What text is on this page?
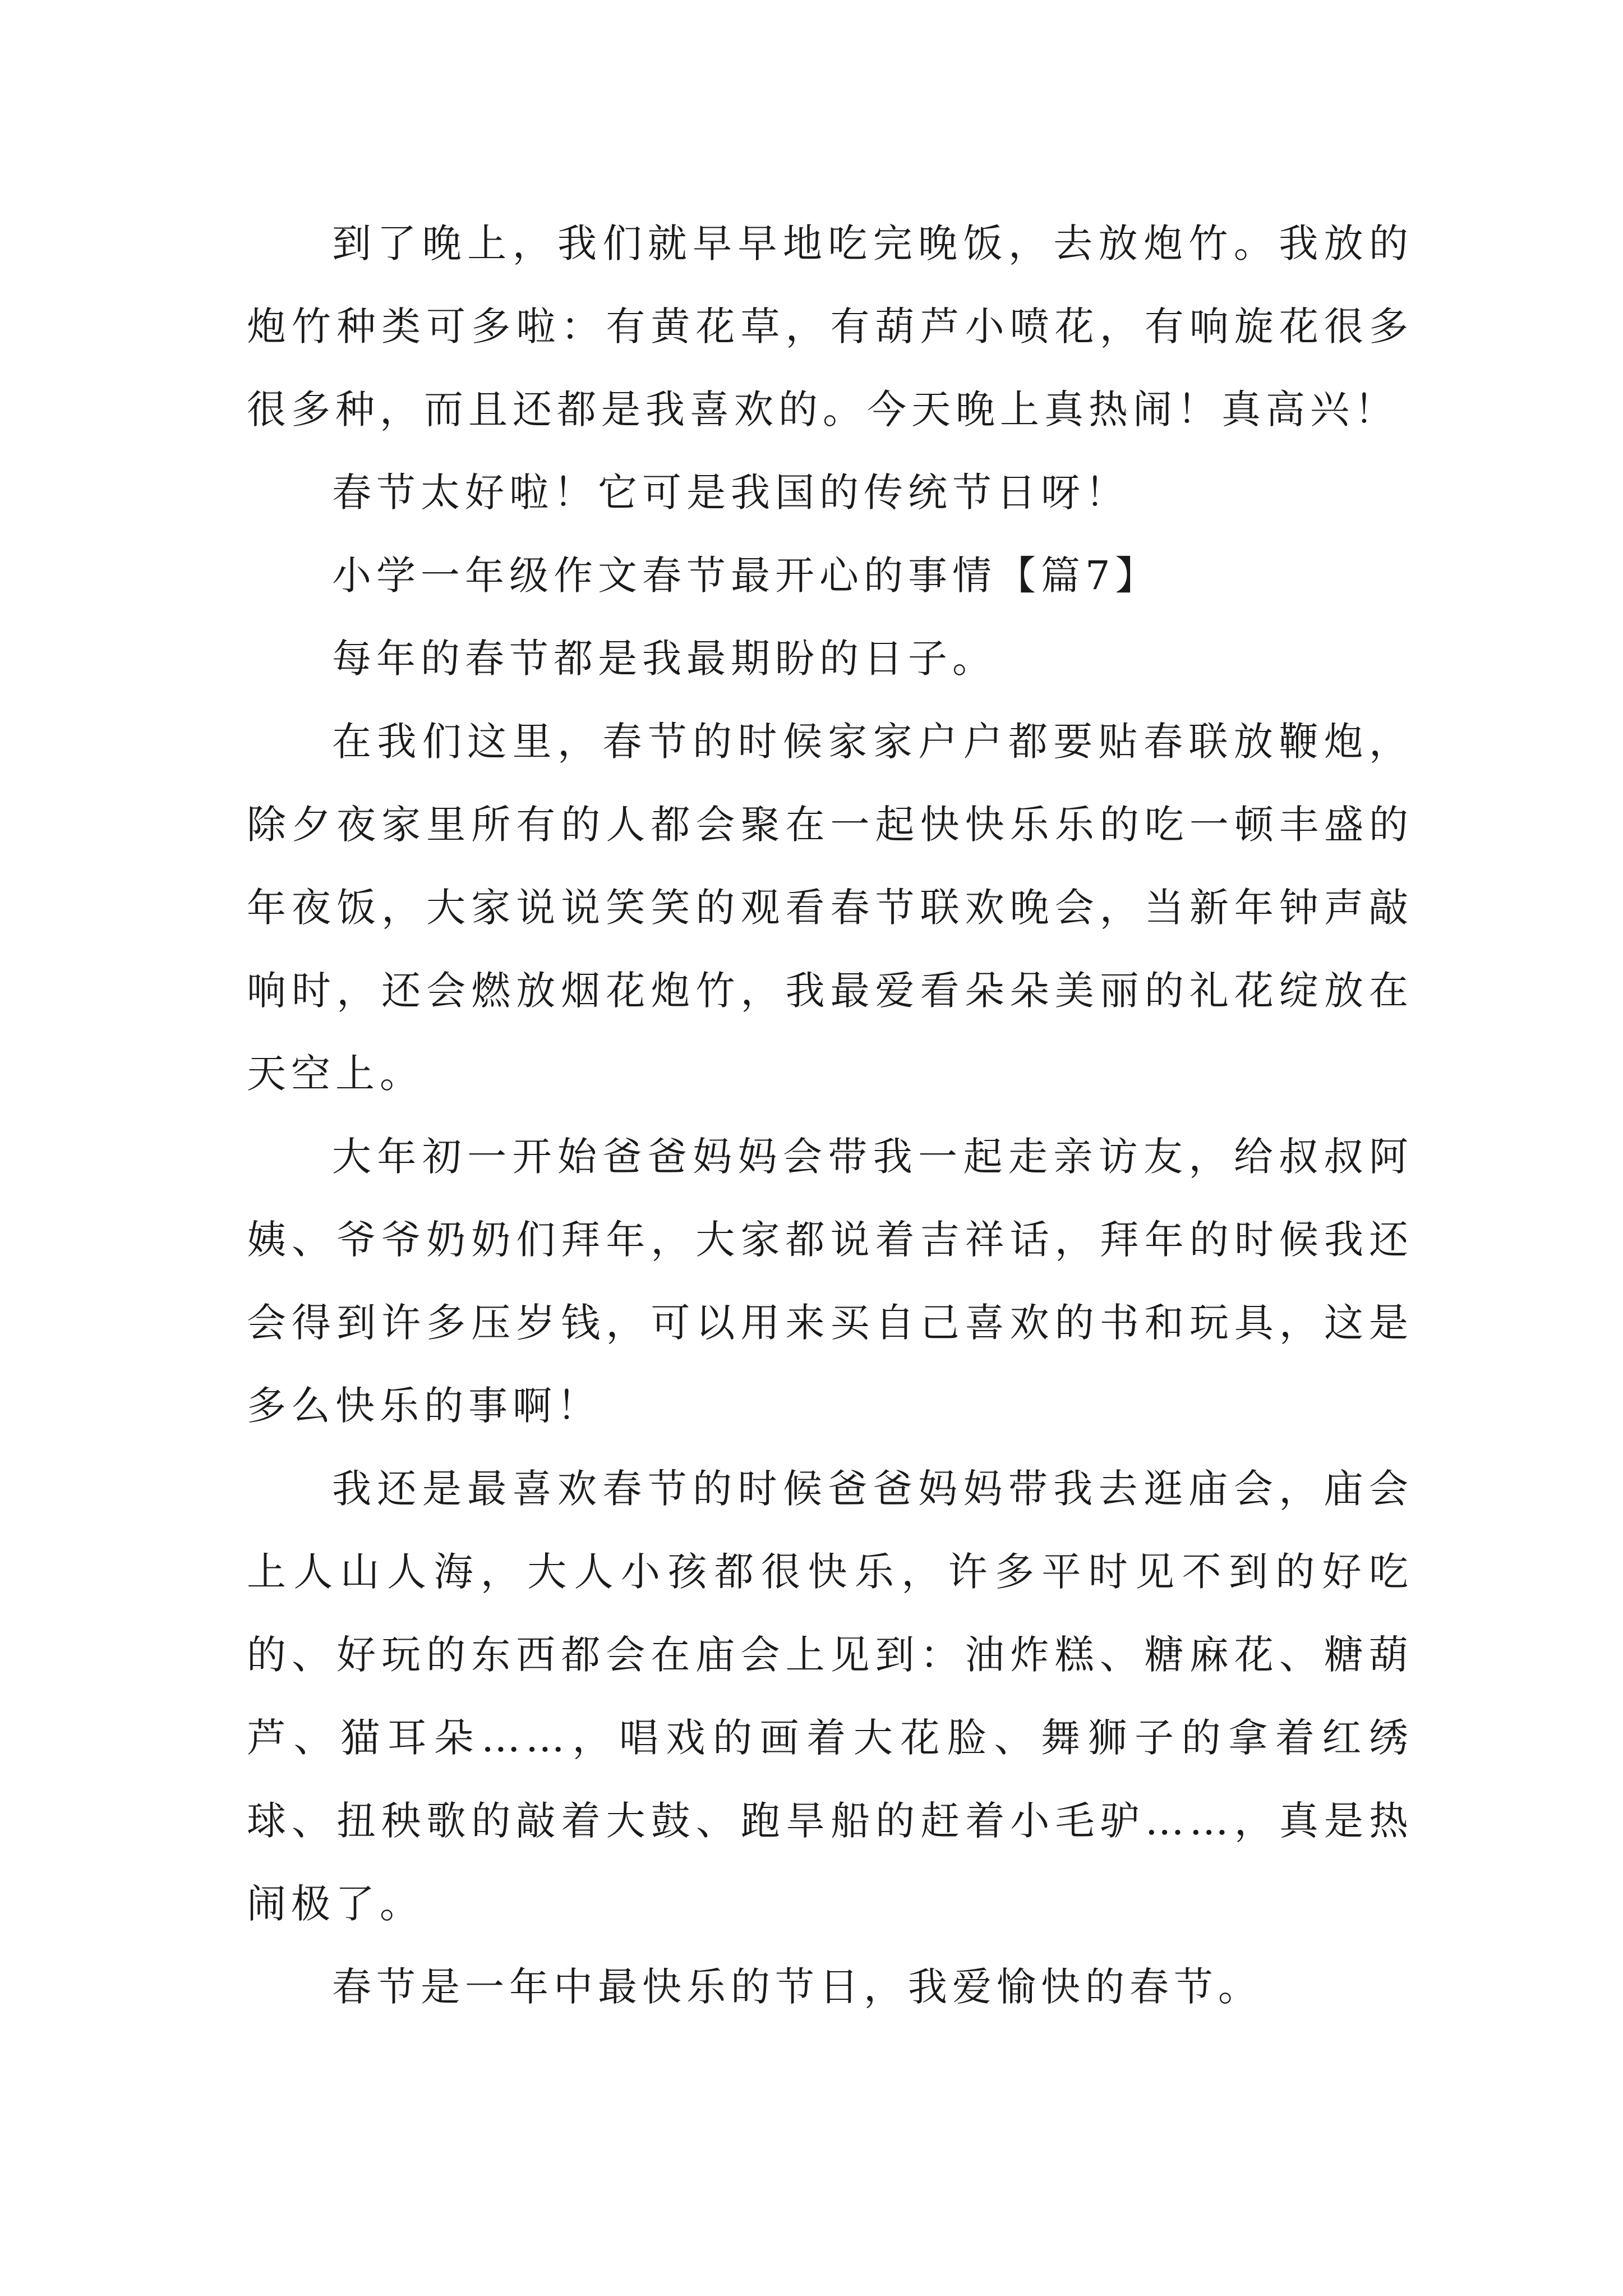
到了晚上，我们就早早地吃完晚饭，去放炮竹。我放的炮竹种类可多啦：有黄花草，有葫芦小喷花，有响旋花很多很多种，而且还都是我喜欢的。今天晚上真热闹！真高兴！

春节太好啦！它可是我国的传统节日呀！

小学一年级作文春节最开心的事情【篇7】

每年的春节都是我最期盼的日子。

在我们这里，春节的时候家家户户都要贴春联放鞭炮，除夕夜家里所有的人都会聚在一起快快乐乐的吃一顿丰盛的年夜饭，大家说说笑笑的观看春节联欢晚会，当新年钟声敲响时，还会燃放烟花炮竹，我最爱看朵朵美丽的礼花绽放在天空上。

大年初一开始爸爸妈妈会带我一起走亲访友，给叔叔阿姨、爷爷奶奶们拜年，大家都说着吉祥话，拜年的时候我还会得到许多压岁钱，可以用来买自己喜欢的书和玩具，这是多么快乐的事啊！

我还是最喜欢春节的时候爸爸妈妈带我去逛庙会，庙会上人山人海，大人小孩都很快乐，许多平时见不到的好吃的、好玩的东西都会在庙会上见到：油炸糕、糖麻花、糖葫芦、猫耳朵……，唱戏的画着大花脸、舞狮子的拿着红绣球、扭秧歌的敲着大鼓、跑旱船的赶着小毛驴……，真是热闹极了。

春节是一年中最快乐的节日，我爱愉快的春节。
